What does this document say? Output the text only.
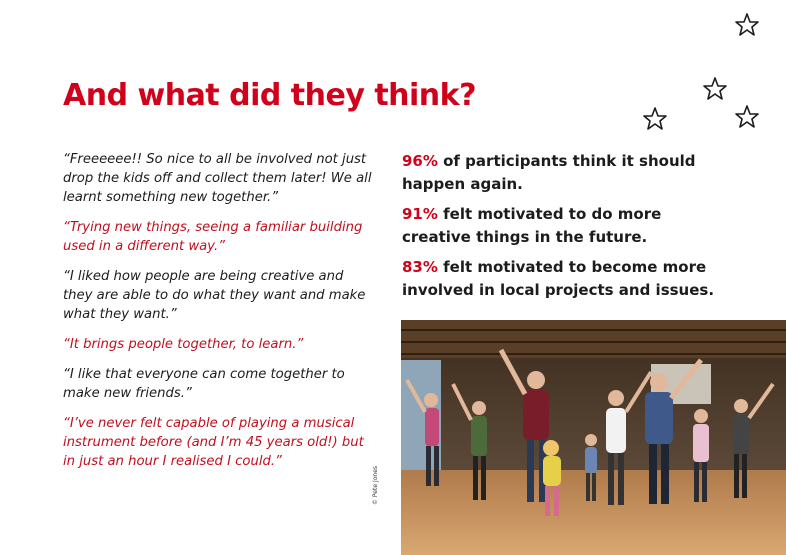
And what did they think?

“Freeeeee!! So nice to all be involved not just drop the kids off and collect them later! We all learnt something new together.”

“Trying new things, seeing a familiar building used in a different way.”

“I liked how people are being creative and they are able to do what they want and make what they want.”

“It brings people together, to learn.”

“I like that everyone can come together to make new friends.”

“I’ve never felt capable of playing a musical instrument before (and I’m 45 years old!) but in just an hour I realised I could.”

96% of participants think it should happen again.

91% felt motivated to do more creative things in the future.

83% felt motivated to become more involved in local projects and issues.

© Pete Jones
